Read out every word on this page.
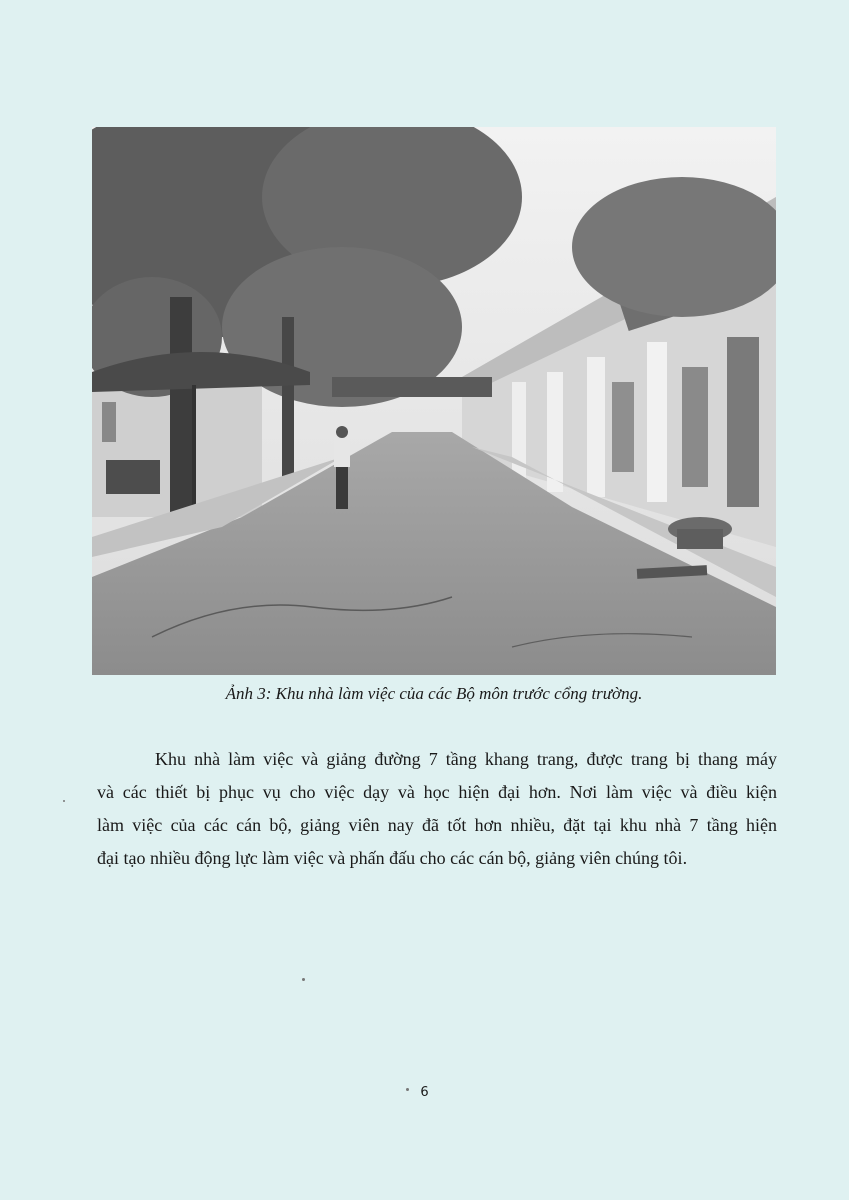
Ảnh 3: Khu nhà làm việc của các Bộ môn trước cổng trường.
Khu nhà làm việc và giảng đường 7 tầng khang trang, được trang bị thang máy
và các thiết bị phục vụ cho việc dạy và học hiện đại hơn. Nơi làm việc và điều kiện
làm việc của các cán bộ, giảng viên nay đã tốt hơn nhiều, đặt tại khu nhà 7 tầng hiện
đại tạo nhiều động lực làm việc và phấn đấu cho các cán bộ, giảng viên chúng tôi.
6
